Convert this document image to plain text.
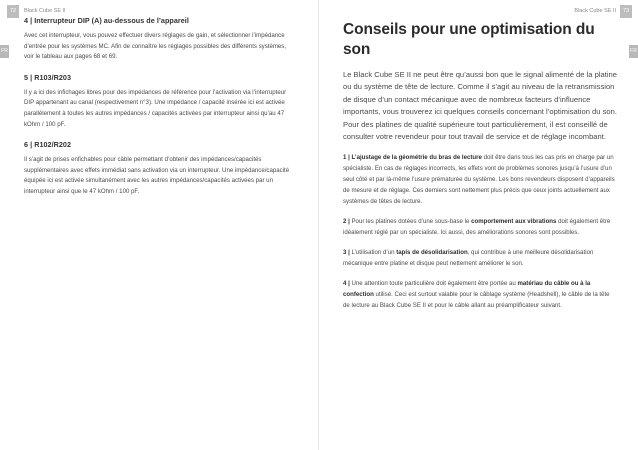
72	Black Cube SE II
FR
4 | Interrupteur DIP (A) au-dessous de l’appareil

Avec cet interrupteur, vous pouvez effectuer divers réglages de gain, et sélectionner l’impédance d’entrée pour les systèmes MC. Afin de connaître les réglages possibles des différents systèmes, voir le tableau aux pages 68 et 69.

5 | R103/R203

Il y a ici des infichages libres pour des impédances de référence pour l’activation via l’interrupteur DIP appartenant au canal (respectivement n°3). Une impédance / capacité insérée ici est activée parallèlement à toutes les autres impédances / capacités activées par interrupteur ainsi qu’au 47 kOhm / 100 pF.

6 | R102/R202

Il s’agit de prises enfichables pour câble permettant d’obtenir des impédances/capacités supplémentaires avec effets immédiat sans activation via un interrupteur. Une impédance/capacité équipée ici est activée simultanément avec les autres impédances/capacités activées par un interrupteur ainsi que le 47 kOhm / 100 pF.

Black Cube SE II	73
FR
Conseils pour une optimisation du son

Le Black Cube SE II ne peut être qu’aussi bon que le signal alimenté de la platine ou du système de tête de lecture. Comme il s’agit au niveau de la retransmission de disque d’un contact mécanique avec de nombreux facteurs d’influence importants, vous trouverez ici quelques conseils concernant l’optimisation du son. Pour des platines de qualité supérieure tout particulièrement, il est conseillé de consulter votre revendeur pour tout travail de service et de réglage incombant.

1 | L’ajustage de la géométrie du bras de lecture doit être dans tous les cas pris en charge par un spécialiste. En cas de réglages incorrects, les effets vont de problèmes sonores jusqu’à l’usure d’un seul côté et par là-même l’usure prématurée du système. Les bons revendeurs disposent d’appareils de mesure et de réglage. Ces derniers sont nettement plus précis que ceux joints actuellement aux systèmes de têtes de lecture.

2 | Pour les platines dotées d’une sous-base le comportement aux vibrations doit également être idéalement réglé par un spécialiste. Ici aussi, des améliorations sonores sont possibles.

3 | L’utilisation d’un tapis de désolidarisation, qui contribue à une meilleure désolidarisation mécanique entre platine et disque peut nettement améliorer le son.

4 | Une attention toute particulière doit également être portée au matériau du câble ou à la confection utilisé. Ceci est surtout valable pour le câblage système (Headshell), le câble de la tête de lecture au Black Cube SE II et pour le câble allant au préamplificateur suivant.
